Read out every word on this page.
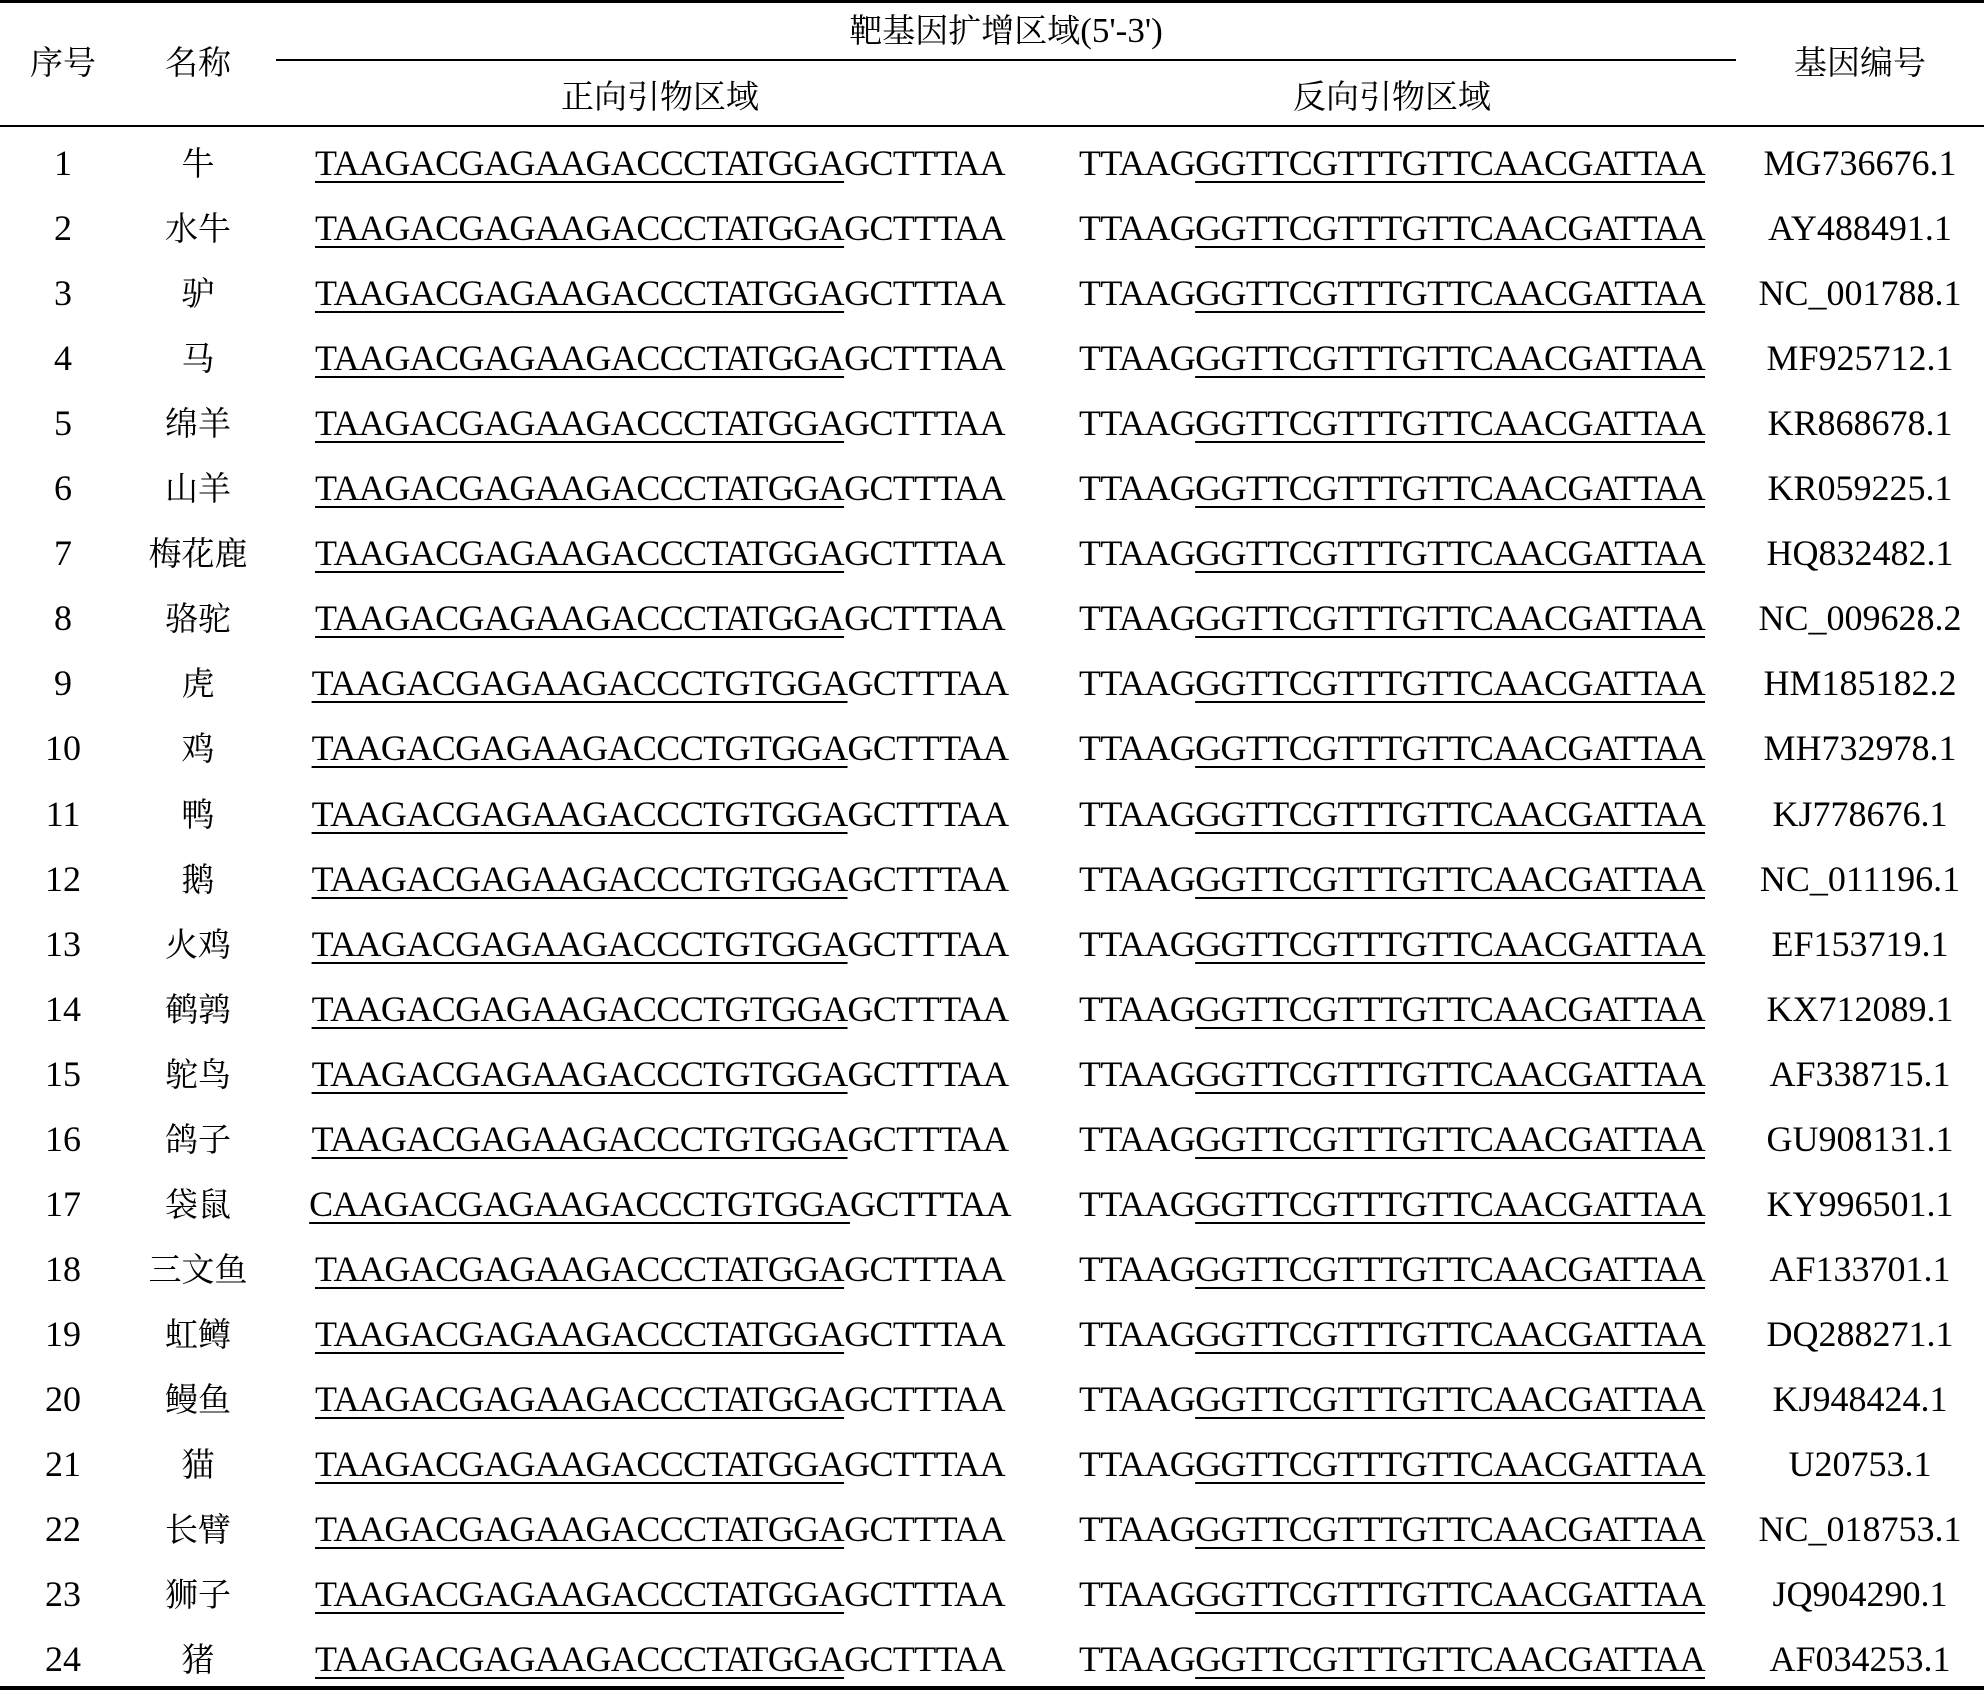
序号 名称
靶基因扩增区域(5'-3')
正向引物区域	反向引物区域
基因编号
1	牛	TAAGACGAGAAGACCCTATGGAGCTTTAA TTAAGGGTTCGTTTGTTCAACGATTAA MG736676.1
2	水牛 TAAGACGAGAAGACCCTATGGAGCTTTAA TTAAGGGTTCGTTTGTTCAACGATTAA AY488491.1
3	驴	TAAGACGAGAAGACCCTATGGAGCTTTAA TTAAGGGTTCGTTTGTTCAACGATTAA NC_001788.1
4	马	TAAGACGAGAAGACCCTATGGAGCTTTAA TTAAGGGTTCGTTTGTTCAACGATTAA MF925712.1
5	绵羊 TAAGACGAGAAGACCCTATGGAGCTTTAA TTAAGGGTTCGTTTGTTCAACGATTAA KR868678.1
6	山羊 TAAGACGAGAAGACCCTATGGAGCTTTAA TTAAGGGTTCGTTTGTTCAACGATTAA KR059225.1
7 梅花鹿 TAAGACGAGAAGACCCTATGGAGCTTTAA TTAAGGGTTCGTTTGTTCAACGATTAA HQ832482.1
8	骆驼 TAAGACGAGAAGACCCTATGGAGCTTTAA TTAAGGGTTCGTTTGTTCAACGATTAA NC_009628.2
9	虎	TAAGACGAGAAGACCCTGTGGAGCTTTAA TTAAGGGTTCGTTTGTTCAACGATTAA HM185182.2
10	鸡	TAAGACGAGAAGACCCTGTGGAGCTTTAA TTAAGGGTTCGTTTGTTCAACGATTAA MH732978.1
11	鸭	TAAGACGAGAAGACCCTGTGGAGCTTTAA TTAAGGGTTCGTTTGTTCAACGATTAA KJ778676.1
12	鹅	TAAGACGAGAAGACCCTGTGGAGCTTTAA TTAAGGGTTCGTTTGTTCAACGATTAA NC_011196.1
13	火鸡 TAAGACGAGAAGACCCTGTGGAGCTTTAA TTAAGGGTTCGTTTGTTCAACGATTAA EF153719.1
14	鹌鹑 TAAGACGAGAAGACCCTGTGGAGCTTTAA TTAAGGGTTCGTTTGTTCAACGATTAA KX712089.1
15	鸵鸟 TAAGACGAGAAGACCCTGTGGAGCTTTAA TTAAGGGTTCGTTTGTTCAACGATTAA AF338715.1
16	鸽子 TAAGACGAGAAGACCCTGTGGAGCTTTAA TTAAGGGTTCGTTTGTTCAACGATTAA GU908131.1
17	袋鼠 CAAGACGAGAAGACCCTGTGGAGCTTTAA TTAAGGGTTCGTTTGTTCAACGATTAA KY996501.1
18 三文鱼 TAAGACGAGAAGACCCTATGGAGCTTTAA TTAAGGGTTCGTTTGTTCAACGATTAA AF133701.1
19	虹鳟 TAAGACGAGAAGACCCTATGGAGCTTTAA TTAAGGGTTCGTTTGTTCAACGATTAA DQ288271.1
20	鳗鱼 TAAGACGAGAAGACCCTATGGAGCTTTAA TTAAGGGTTCGTTTGTTCAACGATTAA KJ948424.1
21	猫	TAAGACGAGAAGACCCTATGGAGCTTTAA TTAAGGGTTCGTTTGTTCAACGATTAA U20753.1
22	长臂 TAAGACGAGAAGACCCTATGGAGCTTTAA TTAAGGGTTCGTTTGTTCAACGATTAA NC_018753.1
23	狮子 TAAGACGAGAAGACCCTATGGAGCTTTAA TTAAGGGTTCGTTTGTTCAACGATTAA JQ904290.1
24	猪	TAAGACGAGAAGACCCTATGGAGCTTTAA TTAAGGGTTCGTTTGTTCAACGATTAA AF034253.1
